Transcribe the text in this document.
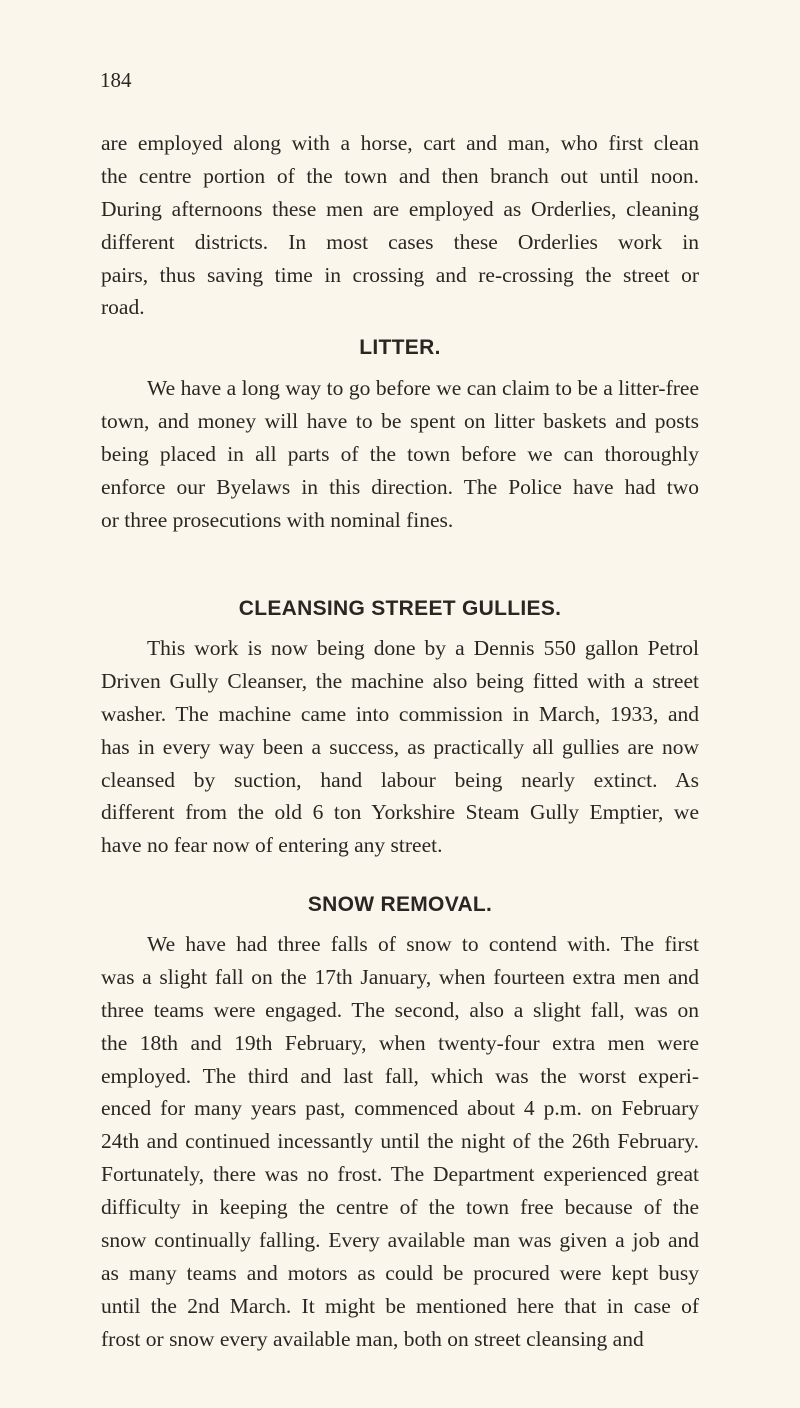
184
are employed along with a horse, cart and man, who first clean
the centre portion of the town and then branch out until noon.
During afternoons these men are employed as Orderlies, cleaning
different districts. In most cases these Orderlies work in
pairs, thus saving time in crossing and re-crossing the street or
road.
LITTER.
We have a long way to go before we can claim to be a litter-free
town, and money will have to be spent on litter baskets and posts
being placed in all parts of the town before we can thoroughly
enforce our Byelaws in this direction. The Police have had two
or three prosecutions with nominal fines.
CLEANSING STREET GULLIES.
This work is now being done by a Dennis 550 gallon Petrol
Driven Gully Cleanser, the machine also being fitted with a street
washer. The machine came into commission in March, 1933, and
has in every way been a success, as practically all gullies are now
cleansed by suction, hand labour being nearly extinct. As
different from the old 6 ton Yorkshire Steam Gully Emptier, we
have no fear now of entering any street.
SNOW REMOVAL.
We have had three falls of snow to contend with. The first
was a slight fall on the 17th January, when fourteen extra men and
three teams were engaged. The second, also a slight fall, was on
the 18th and 19th February, when twenty-four extra men were
employed. The third and last fall, which was the worst experi-
enced for many years past, commenced about 4 p.m. on February
24th and continued incessantly until the night of the 26th February.
Fortunately, there was no frost. The Department experienced great
difficulty in keeping the centre of the town free because of the
snow continually falling. Every available man was given a job and
as many teams and motors as could be procured were kept busy
until the 2nd March. It might be mentioned here that in case of
frost or snow every available man, both on street cleansing and
